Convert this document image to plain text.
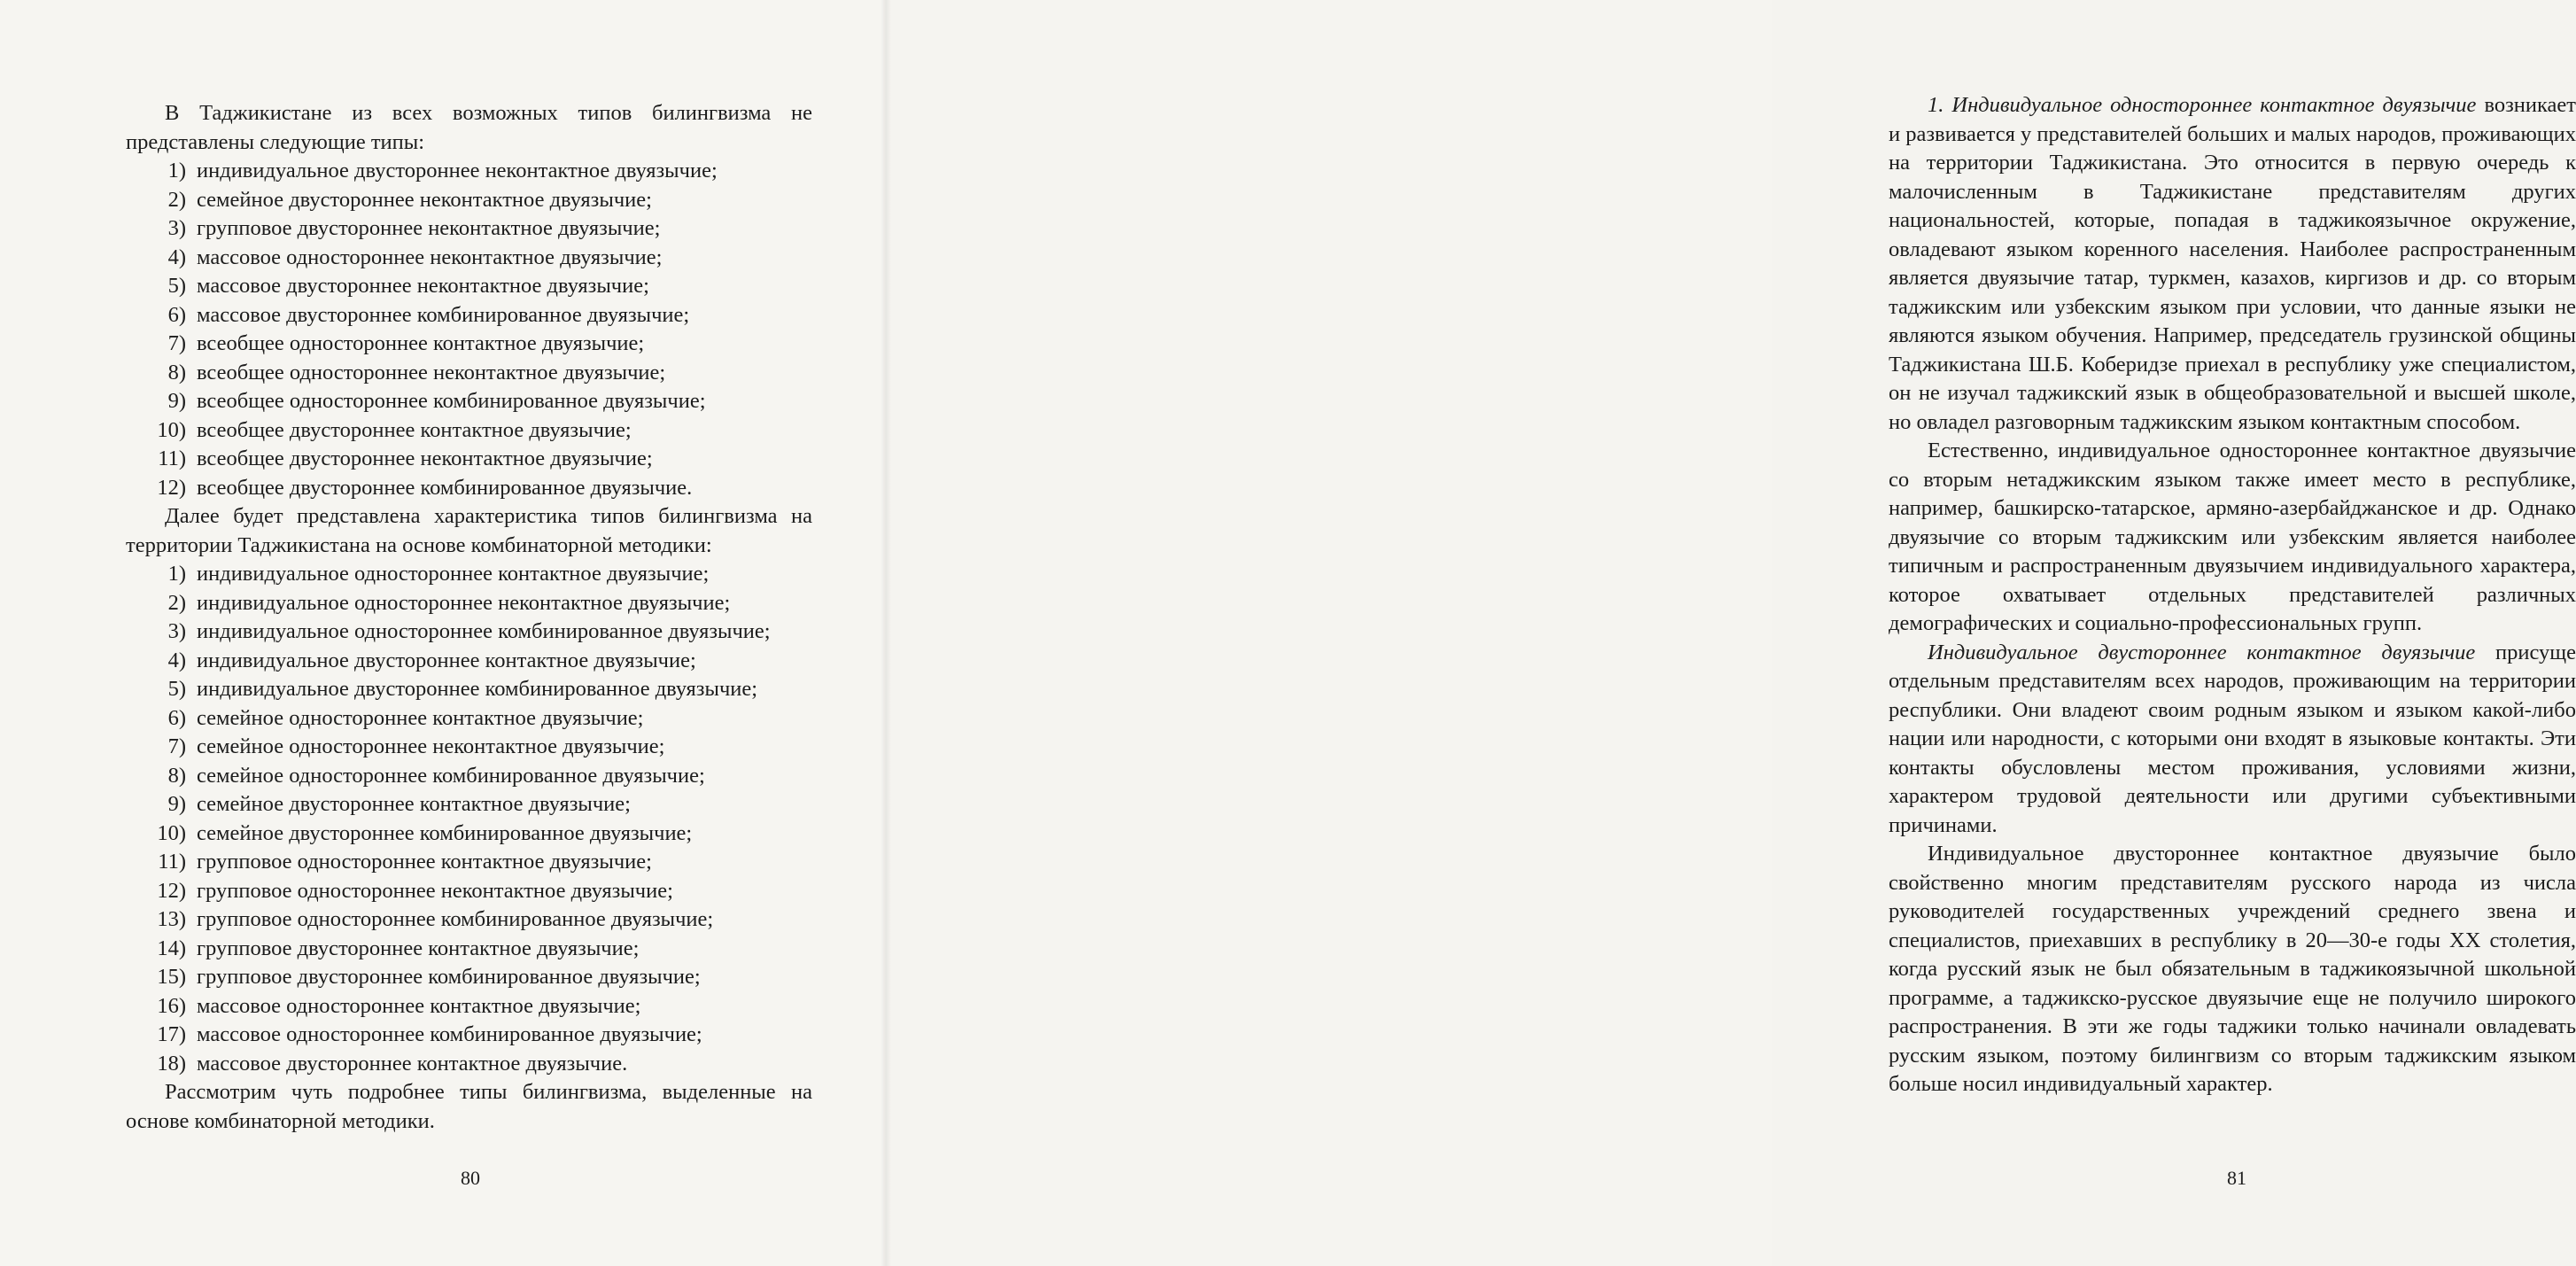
В Таджикистане из всех возможных типов билингвизма не представлены следующие типы:

1) индивидуальное двустороннее неконтактное двуязычие;
2) семейное двустороннее неконтактное двуязычие;
3) групповое двустороннее неконтактное двуязычие;
4) массовое одностороннее неконтактное двуязычие;
5) массовое двустороннее неконтактное двуязычие;
6) массовое двустороннее комбинированное двуязычие;
7) всеобщее одностороннее контактное двуязычие;
8) всеобщее одностороннее неконтактное двуязычие;
9) всеобщее одностороннее комбинированное двуязычие;
10) всеобщее двустороннее контактное двуязычие;
11) всеобщее двустороннее неконтактное двуязычие;
12) всеобщее двустороннее комбинированное двуязычие.

Далее будет представлена характеристика типов билингвизма на территории Таджикистана на основе комбинаторной методики:

1) индивидуальное одностороннее контактное двуязычие;
2) индивидуальное одностороннее неконтактное двуязычие;
3) индивидуальное одностороннее комбинированное двуязычие;
4) индивидуальное двустороннее контактное двуязычие;
5) индивидуальное двустороннее комбинированное двуязычие;
6) семейное одностороннее контактное двуязычие;
7) семейное одностороннее неконтактное двуязычие;
8) семейное одностороннее комбинированное двуязычие;
9) семейное двустороннее контактное двуязычие;
10) семейное двустороннее комбинированное двуязычие;
11) групповое одностороннее контактное двуязычие;
12) групповое одностороннее неконтактное двуязычие;
13) групповое одностороннее комбинированное двуязычие;
14) групповое двустороннее контактное двуязычие;
15) групповое двустороннее комбинированное двуязычие;
16) массовое одностороннее контактное двуязычие;
17) массовое одностороннее комбинированное двуязычие;
18) массовое двустороннее контактное двуязычие.

Рассмотрим чуть подробнее типы билингвизма, выделенные на основе комбинаторной методики.

80

1. Индивидуальное одностороннее контактное двуязычие возникает и развивается у представителей больших и малых народов, проживающих на территории Таджикистана. Это относится в первую очередь к малочисленным в Таджикистане представителям других национальностей, которые, попадая в таджикоязычное окружение, овладевают языком коренного населения. Наиболее распространенным является двуязычие татар, туркмен, казахов, киргизов и др. со вторым таджикским или узбекским языком при условии, что данные языки не являются языком обучения. Например, председатель грузинской общины Таджикистана Ш.Б. Коберидзе приехал в республику уже специалистом, он не изучал таджикский язык в общеобразовательной и высшей школе, но овладел разговорным таджикским языком контактным способом.

Естественно, индивидуальное одностороннее контактное двуязычие со вторым нетаджикским языком также имеет место в республике, например, башкирско-татарское, армяно-азербайджанское и др. Однако двуязычие со вторым таджикским или узбекским является наиболее типичным и распространенным двуязычием индивидуального характера, которое охватывает отдельных представителей различных демографических и социально-профессиональных групп.

Индивидуальное двустороннее контактное двуязычие присуще отдельным представителям всех народов, проживающим на территории республики. Они владеют своим родным языком и языком какой-либо нации или народности, с которыми они входят в языковые контакты. Эти контакты обусловлены местом проживания, условиями жизни, характером трудовой деятельности или другими субъективными причинами.

Индивидуальное двустороннее контактное двуязычие было свойственно многим представителям русского народа из числа руководителей государственных учреждений среднего звена и специалистов, приехавших в республику в 20—30-е годы XX столетия, когда русский язык не был обязательным в таджикоязычной школьной программе, а таджикско-русское двуязычие еще не получило широкого распространения. В эти же годы таджики только начинали овладевать русским языком, поэтому билингвизм со вторым таджикским языком больше носил индивидуальный характер.

81
